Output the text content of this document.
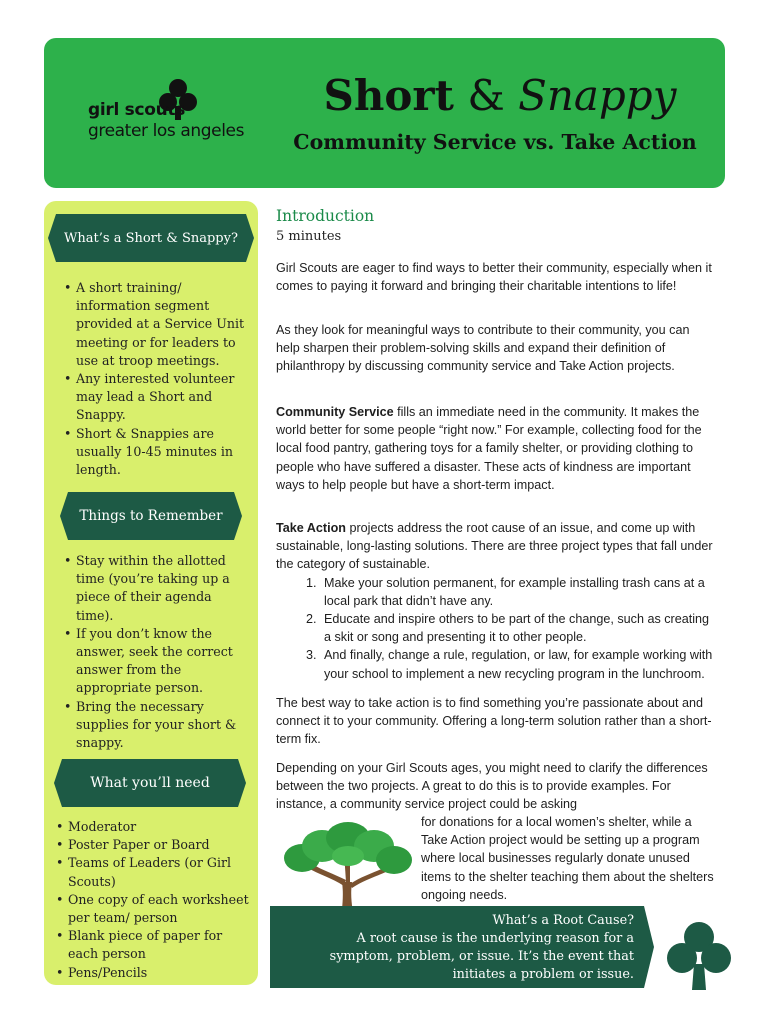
girl scouts
greater los angeles
Short & Snappy
Community Service vs. Take Action
What’s a Short & Snappy?
• A short training/ information segment provided at a Service Unit meeting or for leaders to use at troop meetings.
• Any interested volunteer may lead a Short and Snappy.
• Short & Snappies are usually 10-45 minutes in length.
Things to Remember
• Stay within the allotted time (you’re taking up a piece of their agenda time).
• If you don’t know the answer, seek the correct answer from the appropriate person.
• Bring the necessary supplies for your short & snappy.
What you’ll need
• Moderator
• Poster Paper or Board
• Teams of Leaders (or Girl Scouts)
• One copy of each worksheet per team/ person
• Blank piece of paper for each person
• Pens/Pencils
Introduction
5 minutes

Girl Scouts are eager to find ways to better their community, especially when it comes to paying it forward and bringing their charitable intentions to life!

As they look for meaningful ways to contribute to their community, you can help sharpen their problem-solving skills and expand their definition of philanthropy by discussing community service and Take Action projects.

Community Service fills an immediate need in the community. It makes the world better for some people “right now.” For example, collecting food for the local food pantry, gathering toys for a family shelter, or providing clothing to people who have suffered a disaster. These acts of kindness are important ways to help people but have a short-term impact.

Take Action projects address the root cause of an issue, and come up with sustainable, long-lasting solutions. There are three project types that fall under the category of sustainable.
1. Make your solution permanent, for example installing trash cans at a local park that didn’t have any.
2. Educate and inspire others to be part of the change, such as creating a skit or song and presenting it to other people.
3. And finally, change a rule, regulation, or law, for example working with your school to implement a new recycling program in the lunchroom.

The best way to take action is to find something you’re passionate about and connect it to your community. Offering a long-term solution rather than a short-term fix.

Depending on your Girl Scouts ages, you might need to clarify the differences between the two projects. A great to do this is to provide examples. For instance, a community service project could be asking

for donations for a local women’s shelter, while a Take Action project would be setting up a program where local businesses regularly donate unused items to the shelter teaching them about the shelters ongoing needs.

What’s a Root Cause?
A root cause is the underlying reason for a symptom, problem, or issue. It’s the event that initiates a problem or issue.
